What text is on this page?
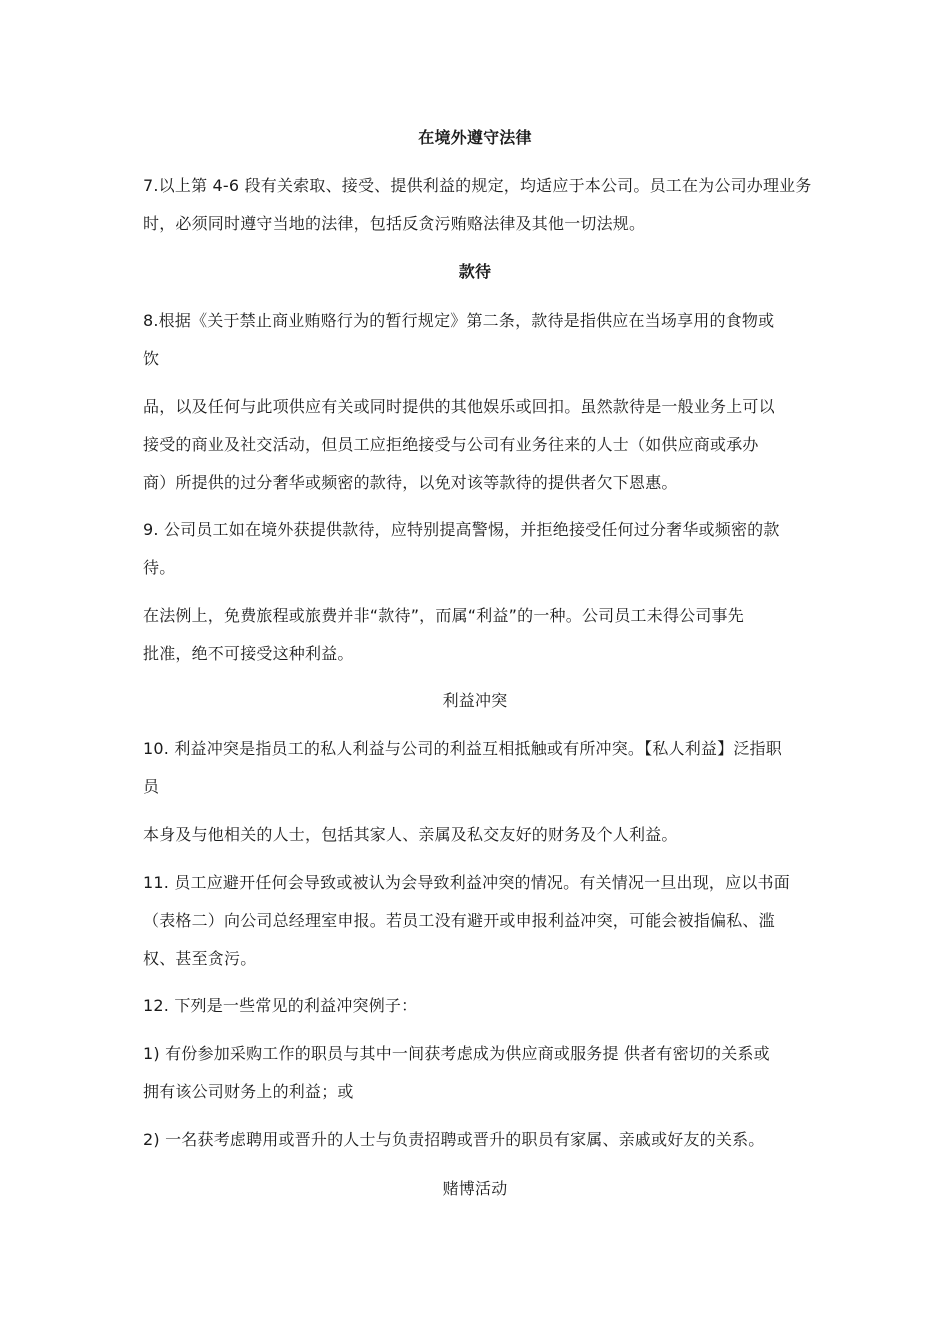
在境外遵守法律
7.以上第 4-6 段有关索取、接受、提供利益的规定，均适应于本公司。员工在为公司办理业务
时，必须同时遵守当地的法律，包括反贪污贿赂法律及其他一切法规。
款待
8.根据《关于禁止商业贿赂行为的暂行规定》第二条，款待是指供应在当场享用的食物或
饮
品，以及任何与此项供应有关或同时提供的其他娱乐或回扣。虽然款待是一般业务上可以
接受的商业及社交活动，但员工应拒绝接受与公司有业务往来的人士（如供应商或承办
商）所提供的过分奢华或频密的款待，以免对该等款待的提供者欠下恩惠。
9. 公司员工如在境外获提供款待，应特别提高警惕，并拒绝接受任何过分奢华或频密的款
待。
在法例上，免费旅程或旅费并非“款待”，而属“利益”的一种。公司员工未得公司事先
批准，绝不可接受这种利益。
利益冲突
10. 利益冲突是指员工的私人利益与公司的利益互相抵触或有所冲突。【私人利益】泛指职
员
本身及与他相关的人士，包括其家人、亲属及私交友好的财务及个人利益。
11. 员工应避开任何会导致或被认为会导致利益冲突的情况。有关情况一旦出现，应以书面
（表格二）向公司总经理室申报。若员工没有避开或申报利益冲突，可能会被指偏私、滥
权、甚至贪污。
12. 下列是一些常见的利益冲突例子：
1) 有份参加采购工作的职员与其中一间获考虑成为供应商或服务提 供者有密切的关系或
拥有该公司财务上的利益；或
2) 一名获考虑聘用或晋升的人士与负责招聘或晋升的职员有家属、亲戚或好友的关系。
赌博活动
